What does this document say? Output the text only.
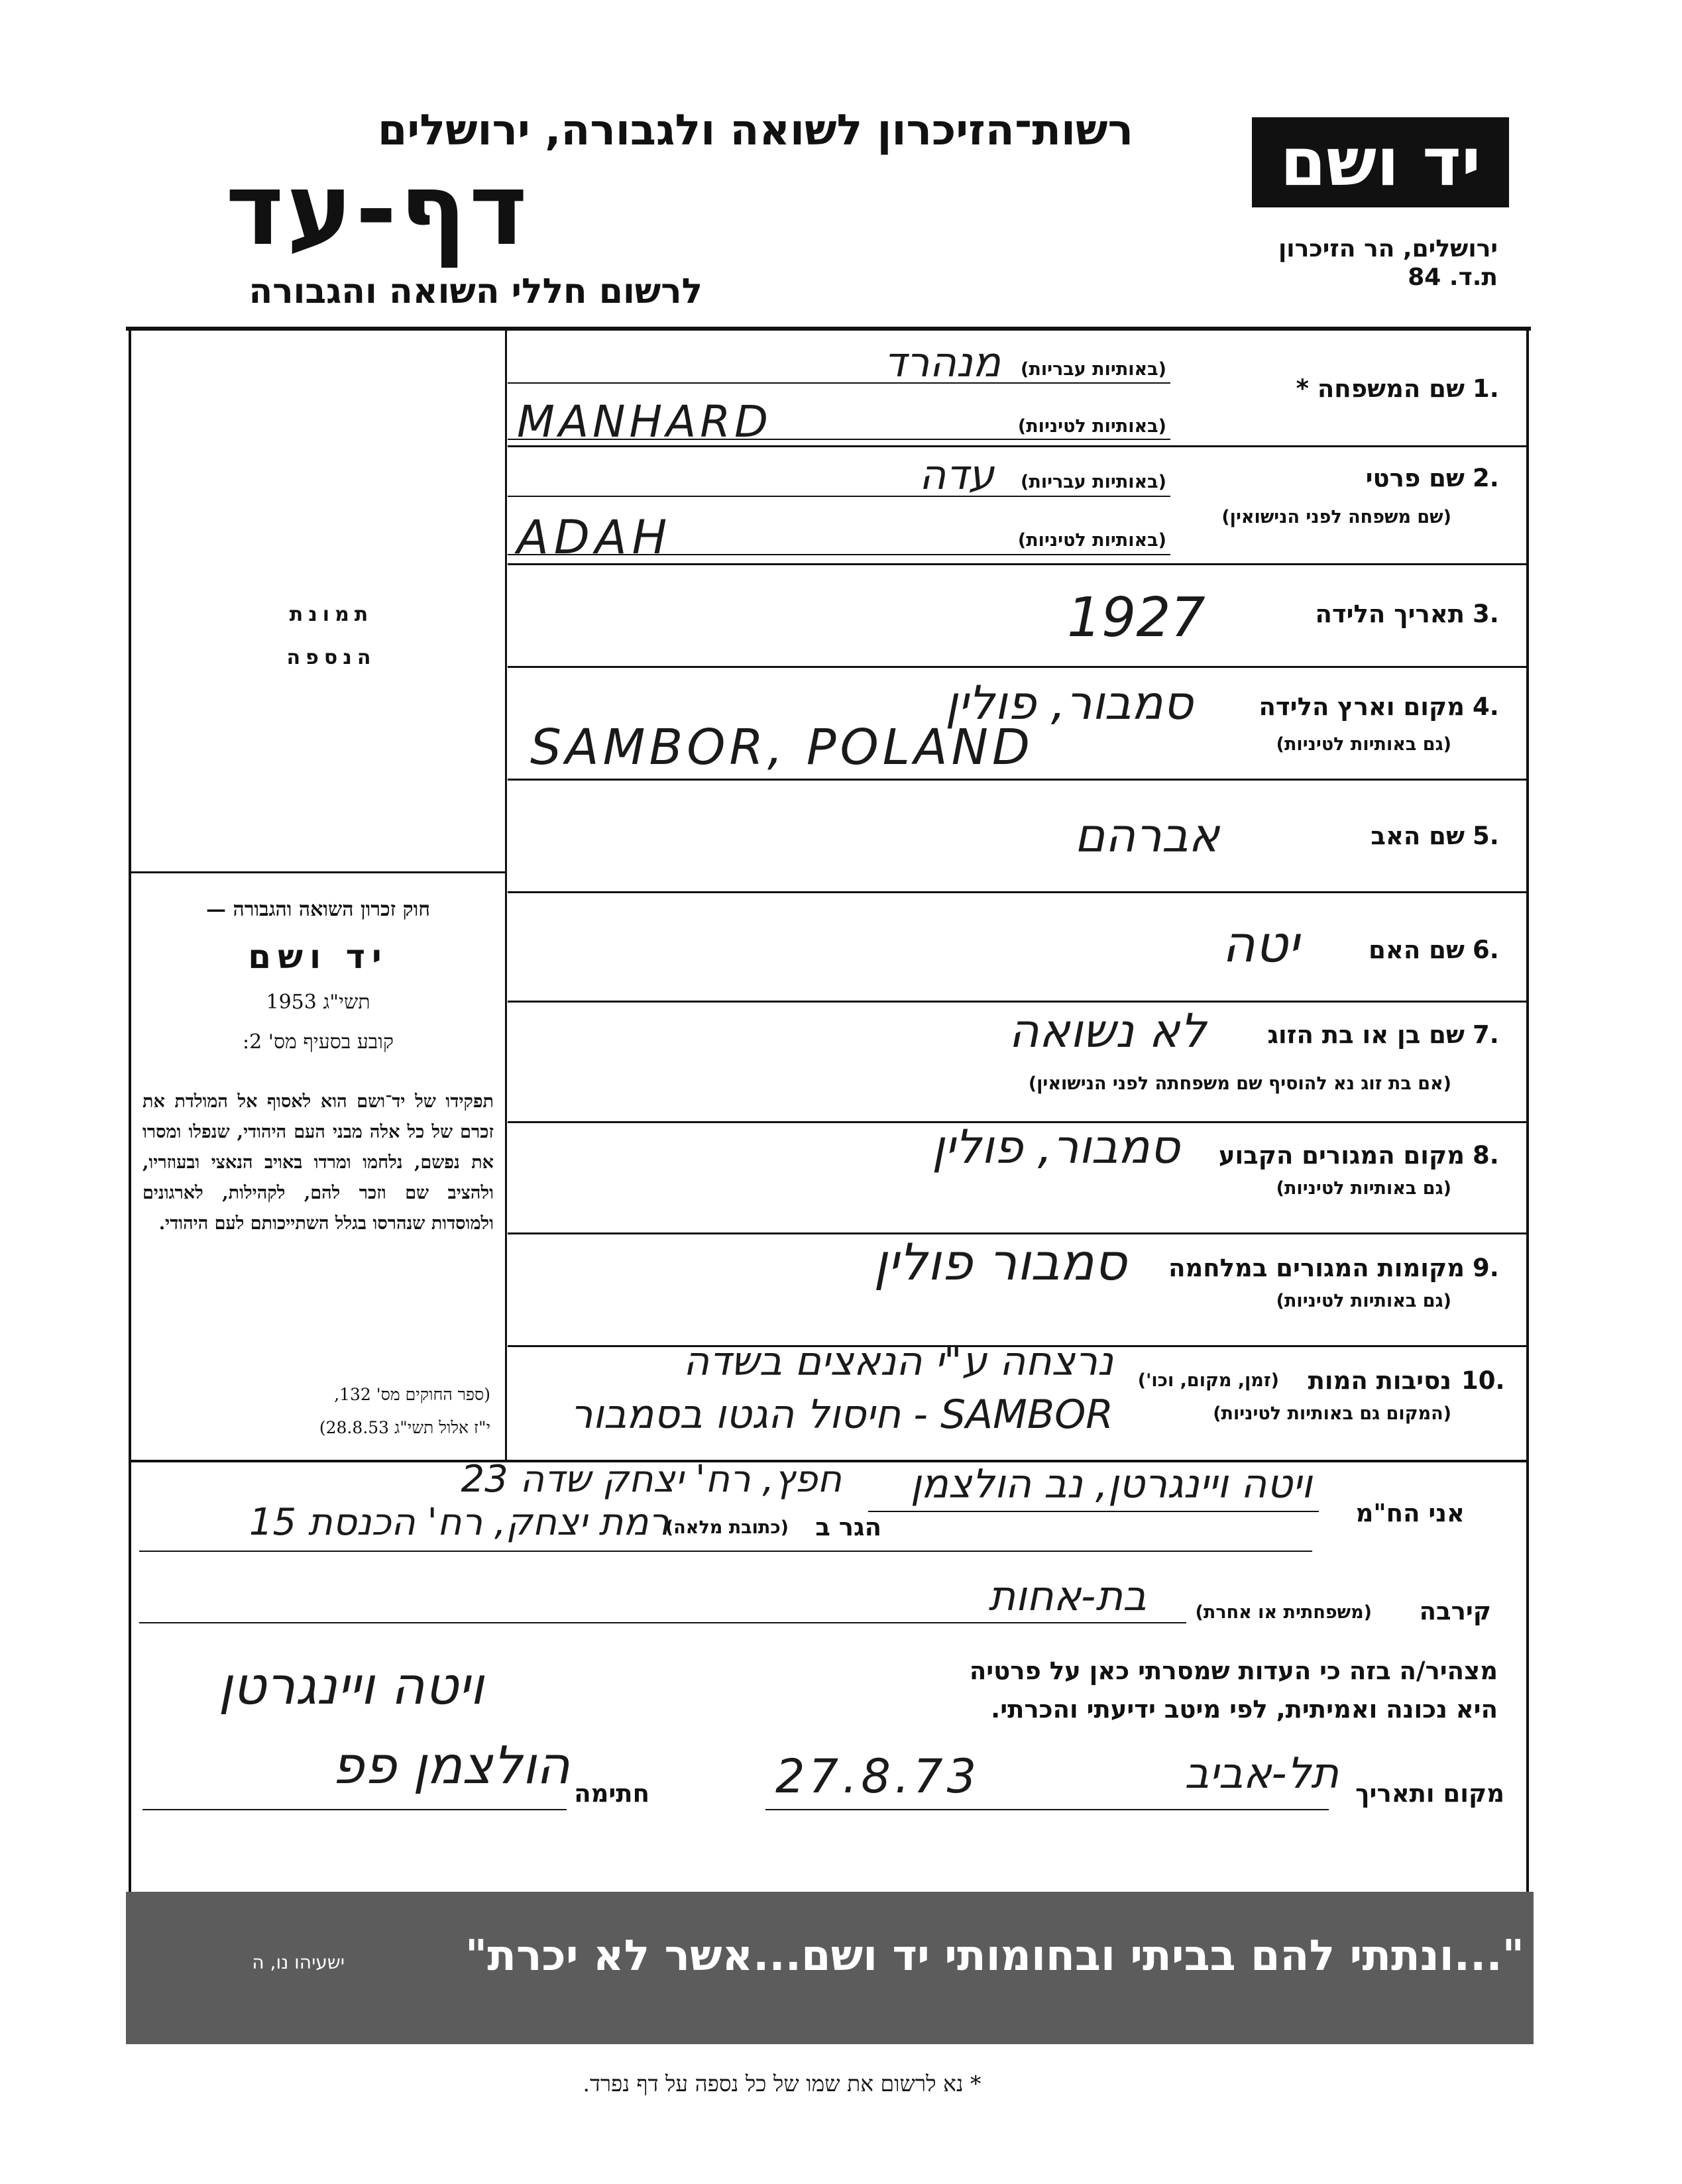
יד ושם
ירושלים, הר הזיכרון
ת.ד. 84
רשות־הזיכרון לשואה ולגבורה, ירושלים
דף-עד
לרשום חללי השואה והגבורה
תמונת
הנספה
חוק זכרון השואה והגבורה —
יד ושם
תשי"ג 1953
קובע בסעיף מס' 2:
תפקידו של יד־ושם הוא לאסוף אל המולדת את זכרם של כל אלה מבני העם היהודי, שנפלו ומסרו את נפשם, נלחמו ומרדו באויב הנאצי ובעוזריו, ולהציב שם וזכר להם, לקהילות, לארגונים ולמוסדות שנהרסו בגלל השתייכותם לעם היהודי.
(ספר החוקים מס' 132,
י"ז אלול תשי"ג 28.8.53)
1.
שם המשפחה *
(באותיות עבריות)
(באותיות לטיניות)
מנהרד
MANHARD
2.
שם פרטי
(שם משפחה לפני הנישואין)
(באותיות עבריות)
(באותיות לטיניות)
עדה
ADAH
3.
תאריך הלידה
1927
4.
מקום וארץ הלידה
(גם באותיות לטיניות)
סמבור, פולין
SAMBOR, POLAND
5.
שם האב
אברהם
6.
שם האם
יטה
7.
שם בן או בת הזוג
(אם בת זוג נא להוסיף שם משפחתה לפני הנישואין)
לא נשואה
8.
מקום המגורים הקבוע
(גם באותיות לטיניות)
סמבור, פולין
9.
מקומות המגורים במלחמה
(גם באותיות לטיניות)
סמבור פולין
10.
נסיבות המות
(זמן, מקום, וכו')
(המקום גם באותיות לטיניות)
נרצחה ע"י הנאצים בשדה
SAMBOR - חיסול הגטו בסמבור
אני הח"מ
ויטה ויינגרטן, נב הולצמן
הגר ב
(כתובת מלאה)
חפץ, רח' יצחק שדה 23
רמת יצחק, רח' הכנסת 15
קירבה
(משפחתית או אחרת)
בת-אחות
ויטה ויינגרטן	מצהיר/ה בזה כי העדות שמסרתי כאן על פרטיה
היא נכונה ואמיתית, לפי מיטב ידיעתי והכרתי.
מקום ותאריך
תל-אביב
27.8.73
חתימה
הולצמן פפ
"...ונתתי להם בביתי ובחומותי יד ושם...אשר לא יכרת"
ישעיהו נו, ה
* נא לרשום את שמו של כל נספה על דף נפרד.
